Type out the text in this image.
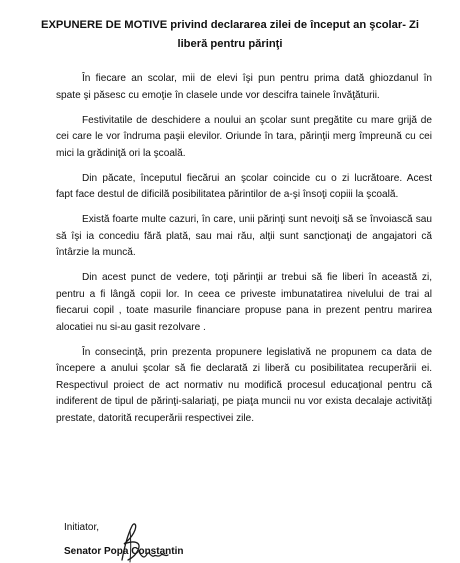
EXPUNERE DE MOTIVE privind declararea zilei de început an şcolar- Zi
liberă pentru părinţi
În fiecare an scolar, mii de elevi îşi pun pentru prima dată ghiozdanul în
spate şi păsesc cu emoţie în clasele unde vor descifra tainele învăţăturii.
Festivitatile de deschidere a noului an şcolar sunt pregătite cu mare grijă de
cei care le vor îndruma paşii elevilor. Oriunde în tara, părinţii merg împreună cu cei
mici la grădiniţă ori la şcoală.
Din păcate, începutul fiecărui an şcolar coincide cu o zi lucrătoare. Acest
fapt face destul de dificilă posibilitatea părintilor de a-şi însoţi copiii la şcoală.
Există foarte multe cazuri, în care, unii părinţi sunt nevoiţi să se învoiască sau
să îşi ia concediu fără plată, sau mai rău, alţii sunt sancţionaţi de angajatori că
întârzie la muncă.
Din acest punct de vedere, toţi părinţii ar trebui să fie liberi în această zi,
pentru a fi lângă copii lor. In ceea ce priveste imbunatatirea nivelului de trai al
fiecarui copil , toate masurile financiare propuse pana in prezent pentru marirea
alocatiei nu si-au gasit rezolvare .
În consecinţă, prin prezenta propunere legislativă ne propunem ca data de
începere a anului şcolar să fie declarată zi liberă cu posibilitatea recuperării ei.
Respectivul proiect de act normativ nu modifică procesul educaţional pentru că
indiferent de tipul de părinţi-salariaţi, pe piaţa muncii nu vor exista decalaje activităţi
prestate, datorită recuperării respectivei zile.
Initiator,
Senator Popa Constantin
